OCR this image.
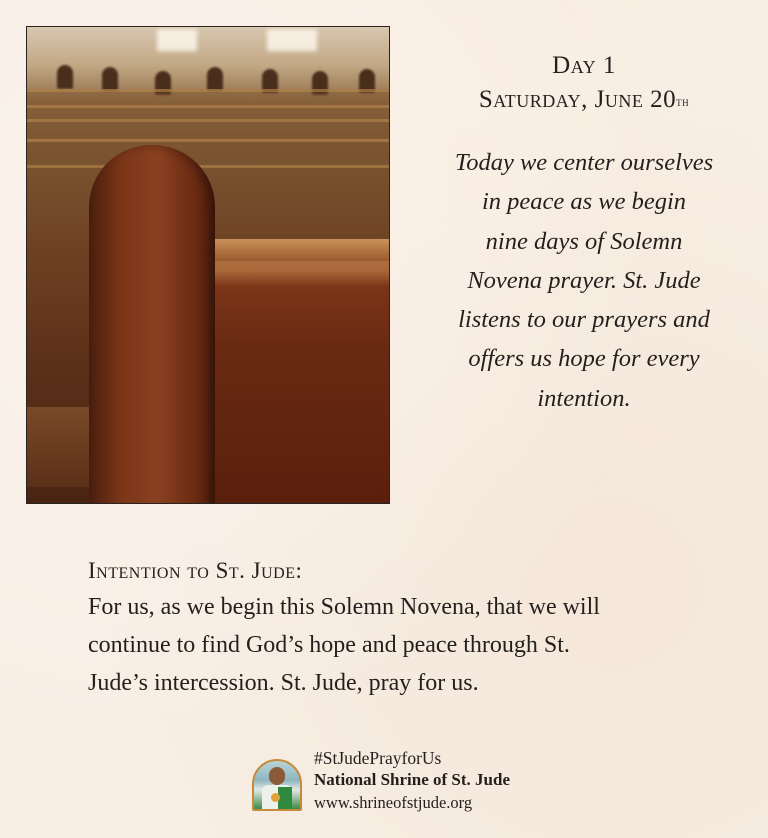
Day 1
Saturday, June 20th
Today we center ourselves
in peace as we begin
nine days of Solemn
Novena prayer. St. Jude
listens to our prayers and
offers us hope for every
intention.
Intention to St. Jude:
For us, as we begin this Solemn Novena, that we will
continue to find God’s hope and peace through St.
Jude’s intercession. St. Jude, pray for us.
#StJudePrayforUs
National Shrine of St. Jude
www.shrineofstjude.org
